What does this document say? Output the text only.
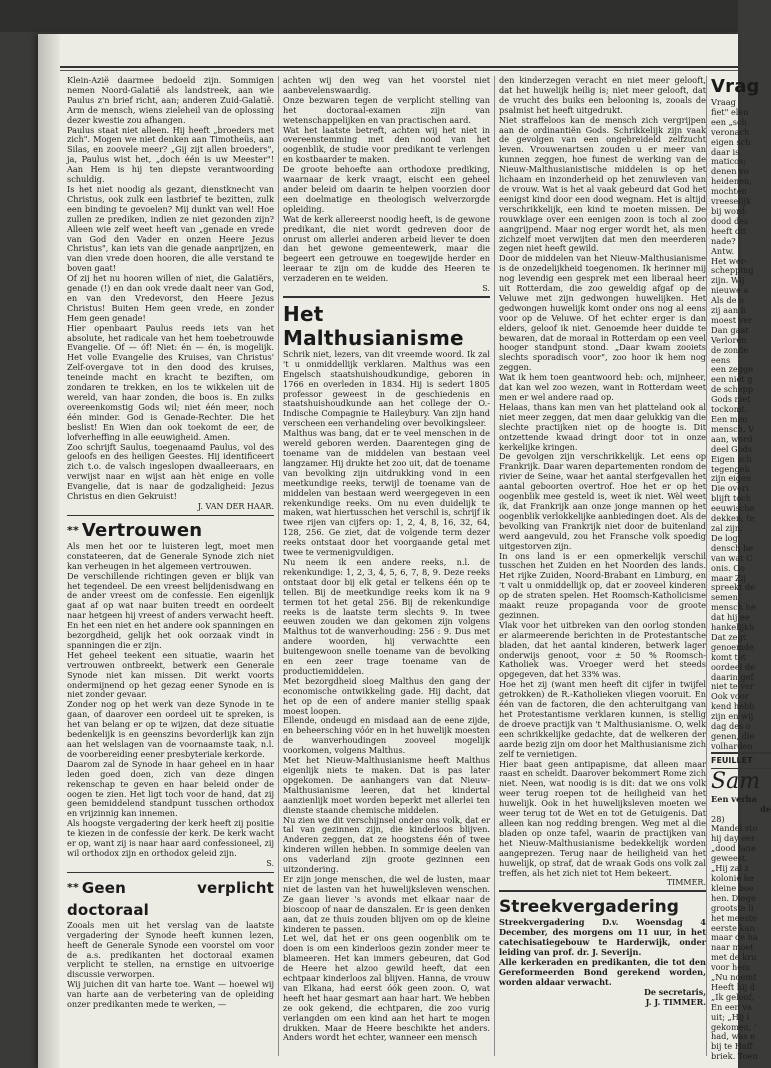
Klein-Azië daarmee bedoeld zijn. Sommigen nemen Noord-Galatië als landstreek, aan wie Paulus z'n brief richt, aan; anderen Zuid-Galatië. Arm de mensch, wiens zieleheil van de oplossing dezer kwestie zou afhangen.

Paulus staat niet alleen. Hij heeft „broeders met zich". Mogen we niet denken aan Timotheüs, aan Silas, en zoovele meer? „Gij zijt allen broeders", ja, Paulus wist het, „doch één is uw Meester"! Aan Hem is hij ten diepste verantwoording schuldig.

Is het niet noodig als gezant, dienstknecht van Christus, ook zulk een lastbrief te bezitten, zulk een binding te gevoelen? Mij dunkt van wel! Hoe zullen ze prediken, indien ze niet gezonden zijn? Alleen wie zelf weet heeft van „genade en vrede van God den Vader en onzen Heere Jezus Christus", kan iets van die genade aanprijzen, en van dien vrede doen hooren, die alle verstand te boven gaat!

Of zij het nu hooren willen of niet, die Galatiërs, genade (!) en dan ook vrede daalt neer van God, en van den Vredevorst, den Heere Jezus Christus! Buiten Hem geen vrede, en zonder Hem geen genade!

Hier openbaart Paulus reeds iets van het absolute, het radicale van het hem toebetrouwde Evangelie. Of — óf! Niet: én — én, is mogelijk. Het volle Evangelie des Kruises, van Christus' Zelf-overgave tot in den dood des kruises, teneinde macht en kracht te beziften, om zondaren te trekken, en los te wikkelen uit de wereld, van haar zonden, die boos is. En zulks overeenkomstig Gods wil; niet één meer, noch één minder. God is Genade-Rechter. Die het beslist! En Wien dan ook toekomt de eer, de lofverheffing in alle eeuwigheid. Amen.

Zoo schrijft Saulus, toegenaamd Paulus, vol des geloofs en des heiligen Geestes. Hij identificeert zich t.o. de valsch ingeslopen dwaalleeraars, en verwijst naar en wijst aan hèt enige en volle Evangelie, dat is naar de godzaligheid: Jezus Christus en dien Gekruist!

J. VAN DER HAAR.

** Vertrouwen

Als men het oor te luisteren legt, moet men constateeren, dat de Generale Synode zich niet kan verheugen in het algemeen vertrouwen.

De verschillende richtingen geven er blijk van het tegendeel. De een vreest belijdenisdwang en de ander vreest om de confessie. Een eigenlijk gaat af op wat naar buiten treedt en oordeelt naar hetgeen hij vreest of anders verwacht heeft. En het een niet en het andere ook spanningen en bezorgdheid, gelijk het ook oorzaak vindt in spanningen die er zijn.

Het geheel teekent een situatie, waarin het vertrouwen ontbreekt, betwerk een Generale Synode niet kan missen. Dit werkt voorts ondermijnend op het gezag eener Synode en is niet zonder gevaar.

Zonder nog op het werk van deze Synode in te gaan, of daarover een oordeel uit te spreken, is het van belang er op te wijzen, dat deze situatie bedenkelijk is en geenszins bevorderlijk kan zijn aan het welslagen van de voornaamste taak, n.l. de voorbereiding eener presbyteriale kerkorde.

Daarom zal de Synode in haar geheel en in haar leden goed doen, zich van deze dingen rekenschap te geven en haar beleid onder de oogen te zien. Het ligt toch voor de hand, dat zij geen bemiddelend standpunt tusschen orthodox en vrijzinnig kan innemen.

Als hoogste vergadering der kerk heeft zij positie te kiezen in de confessie der kerk. De kerk wacht er op, want zij is naar haar aard confessioneel, zij wil orthodox zijn en orthodox geleid zijn.

S.

** Geen verplicht doctoraal

Zooals men uit het verslag van de laatste vergadering der Synode heeft kunnen lezen, heeft de Generale Synode een voorstel om voor de a.s. predikanten het doctoraal examen verplicht te stellen, na ernstige en uitvoerige discussie verworpen.

Wij juichen dit van harte toe. Want — hoewel wij van harte aan de verbetering van de opleiding onzer predikanten mede te werken, —

achten wij den weg van het voorstel niet aanbevelenswaardig.

Onze bezwaren tegen de verplicht stelling van het doctoraal-examen zijn van wetenschappelijken en van practischen aard.

Wat het laatste betreft, achten wij het niet in overeenstemming met den nood van het oogenblik, de studie voor predikant te verlengen en kostbaarder te maken.

De groote behoefte aan orthodoxe prediking, waarnaar de kerk vraagt, eischt een geheel ander beleid om daarin te helpen voorzien door een doelmatige en theologisch welverzorgde opleiding.

Wat de kerk allereerst noodig heeft, is de gewone predikant, die niet wordt gedreven door de onrust om allerlei anderen arbeid liever te doen dan het gewone gemeentewerk, maar die begeert een getrouwe en toegewijde herder en leeraar te zijn om de kudde des Heeren te verzaderen en te weiden.

S.

Het Malthusianisme

Schrik niet, lezers, van dit vreemde woord. Ik zal 't u onmiddellijk verklaren. Malthus was een Engelsch staatshuishoudkundige, geboren in 1766 en overleden in 1834. Hij is sedert 1805 professor geweest in de geschiedenis en staatshuishoudkunde aan het college der O.-Indische Compagnie te Haileybury. Van zijn hand verscheen een verhandeling over bevolkingsleer.

Malthus was bang, dat er te veel menschen in de wereld geboren werden. Daarentegen ging de toename van de middelen van bestaan veel langzamer. Hij drukte het zoo uit, dat de toename van bevolking zijn uitdrukking vond in een meetkundige reeks, terwijl de toename van de middelen van bestaan werd weergegeven in een rekenkundige reeks. Om nu even duidelijk te maken, wat hiertusschen het verschil is, schrijf ik twee rijen van cijfers op: 1, 2, 4, 8, 16, 32, 64, 128, 256. Ge ziet, dat de volgende term dezer reeks ontstaat door het voorgaande getal met twee te vermenigvuldigen.

Nu neem ik een andere reeks, n.l. de rekenkundige: 1, 2, 3, 4, 5, 6, 7, 8, 9. Deze reeks ontstaat door bij elk getal er telkens één op te tellen. Bij de meetkundige reeks kom ik na 9 termen tot het getal 256. Bij de rekenkundige reeks is de laatste term slechts 9. In twee eeuwen zouden we dan gekomen zijn volgens Malthus tot de wanverhouding: 256 : 9. Dus met andere woorden, hij verwachtte een buitengewoon snelle toename van de bevolking en een zeer trage toename van de productiemiddelen.

Met bezorgdheid sloeg Malthus den gang der economische ontwikkeling gade. Hij dacht, dat het op de een of andere manier stellig spaak moest loopen.

Ellende, ondeugd en misdaad aan de eene zijde, en beheersching vóór en in het huwelijk moesten de wanverhoudingen zooveel mogelijk voorkomen, volgens Malthus.

Met het Nieuw-Malthusianisme heeft Malthus eigenlijk niets te maken. Dat is pas later opgekomen. De aanhangers van dat Nieuw-Malthusianisme leeren, dat het kindertal aanzienlijk moet worden beperkt met allerlei ten dienste staande chemische middelen.

Nu zien we dit verschijnsel onder ons volk, dat er tal van gezinnen zijn, die kinderloos blijven. Anderen zeggen, dat ze hoogstens één of twee kinderen willen hebben. In sommige deelen van ons vaderland zijn groote gezinnen een uitzondering.

Er zijn jonge menschen, die wel de lusten, maar niet de lasten van het huwelijksleven wenschen. Ze gaan liever 's avonds met elkaar naar de bioscoop of naar de danszalen. Er is geen denken aan, dat ze thuis zouden blijven om op de kleine kinderen te passen.

Let wel, dat het er ons geen oogenblik om te doen is om een kinderloos gezin zonder meer te blameeren. Het kan immers gebeuren, dat God de Heere het alzoo gewild heeft, dat een echtpaar kinderloos zal blijven. Hanna, de vrouw van Elkana, had eerst óók geen zoon. O, wat heeft het haar gesmart aan haar hart. We hebben ze ook gekend, die echtparen, die zoo vurig verlangden om een kind aan het hart te mogen drukken. Maar de Heere beschikte het anders. Anders wordt het echter, wanneer een mensch

den kinderzegen veracht en niet meer gelooft, dat het huwelijk heilig is; niet meer gelooft, dat de vrucht des buiks een belooning is, zooals de psalmist het heeft uitgedrukt.

Niet straffeloos kan de mensch zich vergrijpen aan de ordinantiën Gods. Schrikkelijk zijn vaak de gevolgen van een ongebreideld zelfzucht leven. Vrouwenartsen zouden u er meer van kunnen zeggen, hoe funest de werking van de Nieuw-Malthusianistische middelen is op het lichaam en inzonderheid op het zenuwleven van de vrouw. Wat is het al vaak gebeurd dat God het eenigst kind door een dood wegnam. Het is altijd verschrikkelijk, een kind te moeten missen. De rouwklage over een eenigen zoon is toch al zoo aangrijpend. Maar nog erger wordt het, als men zichzelf moet verwijten dat men den meerderen zegen niet heeft gewild.

Door de middelen van het Nieuw-Malthusianisme is de onzedelijkheid toegenomen. Ik herinner mij nog levendig een gesprek met een liberaal heer uit Rotterdam, die zoo geweldig afgaf op de Veluwe met zijn gedwongen huwelijken. Het gedwongen huwelijk komt onder ons nog al eens voor op de Veluwe. Of het echter erger is dan elders, geloof ik niet. Genoemde heer duidde te bewaren, dat de moraal in Rotterdam op een veel hooger standpunt stond. „Daar kwam zooiets slechts sporadisch voor", zoo hoor ik hem nog zeggen.

Wat ik hem toen geantwoord heb: och, mijnheer, dat kan wel zoo wezen, want in Rotterdam weet men er wel andere raad op.

Helaas, thans kan men van het platteland ook al niet meer zeggen, dat men daar gelukkig van die slechte practijken niet op de hoogte is. Dit ontzettende kwaad dringt door tot in onze kerkelijke kringen.

De gevolgen zijn verschrikkelijk. Let eens op Frankrijk. Daar waren departementen rondom de rivier de Seine, waar het aantal sterfgevallen het aantal geboorten overtrof. Hoe het er op het oogenblik mee gesteld is, weet ik niet. Wèl weet ik, dat Frankrijk aan onze jonge mannen op het oogenblik verlokkelijke aanbiedingen doet. Als de bevolking van Frankrijk niet door de buitenland werd aangevuld, zou het Fransche volk spoedig uitgestorven zijn.

In ons land is er een opmerkelijk verschil tusschen het Zuiden en het Noorden des lands. Het rijke Zuiden, Noord-Brabant en Limburg, en 't valt u onmiddellijk op, dat er zooveel kinderen op de straten spelen. Het Roomsch-Katholicisme maakt reuze propaganda voor de groote gezinnen.

Vlak voor het uitbreken van den oorlog stonden er alarmeerende berichten in de Protestantsche bladen, dat het aantal kinderen, betwerk lager onderwijs genoot, voor ± 50 % Roomsch-Katholiek was. Vroeger werd het steeds opgegeven, dat het 33% was.

Hoe het zij (want men heeft dit cijfer in twijfel getrokken) de R.-Katholieken vliegen vooruit. En één van de factoren, die den achteruitgang van het Protestantisme verklaren kunnen, is stellig de droeve practijk van 't Malthusianisme. O, welk een schrikkelijke gedachte, dat de welkeren der aarde bezig zijn om door het Malthusianisme zich zelf te vernietigen.

Hier baat geen antipapisme, dat alleen maar raast en scheldt. Daarover bekommert Rome zich niet. Neen, wat noodig is is dit: dat we ons volk weer terug roepen tot de heiligheid van het huwelijk. Ook in het huwelijksleven moeten we weer terug tot de Wet en tot de Getuigenis. Dat alleen kan nog redding brengen. Weg met al die bladen op onze tafel, waarin de practijken van het Nieuw-Malthusianisme bedekkelijk worden aangeprezen. Terug naar de heiligheid van het huwelijk, op straf, dat de wraak Gods ons volk zal treffen, als het zich niet tot Hem bekeert.

TIMMER.

Streekvergadering

Streekvergadering D.v. Woensdag 4 December, des morgens om 11 uur, in het catechisatiegebouw te Harderwijk, onder leiding van prof. dr. J. Severijn.

Alle kerkeraden en predikanten, die tot den Gereformeerden Bond gerekend worden, worden aldaar verwacht.

De secretaris,

J. J. TIMMER.

Vrag

Vraag

fiet" elen

een „sch

veronach

eigen sch

daar is

maticos;

denen vo

heidenen,

mochten

vreeselijk

bij word-

dood des

heeft dit

nade?

Antw.

Het wer-

schepping

zijn. Wij

nieuwe a

Als de o

zij aan h

moest ver

Dan gaat

Verloren

de zonde

eens

een zegge

een niet g

de schepp

Gods niet

tockomt.

Een men

mensch. V

aan, word

deel Gods

Eigen sch

tegengeh

zijn eigen

Die overi

blijft toch

eeuwische

dekken, te

zal zijn.

De log

densch be

van wat C

onis. Oo

maar Zij

spreekt de

semen

mensch he

dat hij ee

hankelijkh

Dat zegt

genoemde

komt tot

oordeel de

daarin gef

niet te ver

Ook voor

kend hebb

zijn en wij

dag des o

genen, die

volharden

FEUILLET

Sam

Een verha

de

28)

Mandel sto

hij day eer

„dood lane

geweest.

„Hij zal z

kolonie he

kleine boe

hen. Diege

grootste li

het meeste

eerste kan

maar de ha

naar moet

met de kru

voor hem

„Nu noemt

Heeft hij d

„Ik geloof,

En een va

uit; „Hij i

gekomen, '

had, was e

bij te Haff

briek. Toen
